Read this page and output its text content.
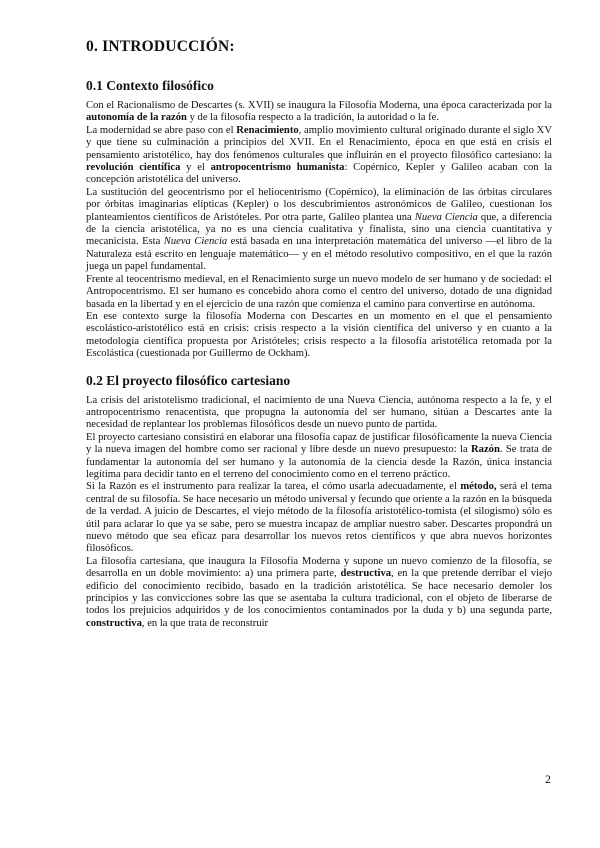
0. INTRODUCCIÓN:
0.1 Contexto filosófico

Con el Racionalismo de Descartes (s. XVII) se inaugura la Filosofía Moderna, una época caracterizada por la autonomía de la razón y de la filosofía respecto a la tradición, la autoridad o la fe.

La modernidad se abre paso con el Renacimiento, amplio movimiento cultural originado durante el siglo XV y que tiene su culminación a principios del XVII. En el Renacimiento, época en que está en crisis el pensamiento aristotélico, hay dos fenómenos culturales que influirán en el proyecto filosófico cartesiano: la revolución científica y el antropocentrismo humanista: Copérnico, Kepler y Galileo acaban con la concepción aristotélica del universo.

La sustitución del geocentrismo por el heliocentrismo (Copérnico), la eliminación de las órbitas circulares por órbitas imaginarias elípticas (Kepler) o los descubrimientos astronómicos de Galileo, cuestionan los planteamientos científicos de Aristóteles. Por otra parte, Galileo plantea una Nueva Ciencia que, a diferencia de la ciencia aristotélica, ya no es una ciencia cualitativa y finalista, sino una ciencia cuantitativa y mecanicista. Esta Nueva Ciencia está basada en una interpretación matemática del universo —el libro de la Naturaleza está escrito en lenguaje matemático— y en el método resolutivo compositivo, en el que la razón juega un papel fundamental.

Frente al teocentrismo medieval, en el Renacimiento surge un nuevo modelo de ser humano y de sociedad: el Antropocentrismo. El ser humano es concebido ahora como el centro del universo, dotado de una dignidad basada en la libertad y en el ejercicio de una razón que comienza el camino para convertirse en autónoma.

En ese contexto surge la filosofía Moderna con Descartes en un momento en el que el pensamiento escolástico-aristotélico está en crisis: crisis respecto a la visión científica del universo y en cuanto a la metodología científica propuesta por Aristóteles; crisis respecto a la filosofía aristotélica retomada por la Escolástica (cuestionada por Guillermo de Ockham).

0.2 El proyecto filosófico cartesiano

La crisis del aristotelismo tradicional, el nacimiento de una Nueva Ciencia, autónoma respecto a la fe, y el antropocentrismo renacentista, que propugna la autonomía del ser humano, sitúan a Descartes ante la necesidad de replantear los problemas filosóficos desde un nuevo punto de partida.

El proyecto cartesiano consistirá en elaborar una filosofía capaz de justificar filosóficamente la nueva Ciencia y la nueva imagen del hombre como ser racional y libre desde un nuevo presupuesto: la Razón. Se trata de fundamentar la autonomía del ser humano y la autonomía de la ciencia desde la Razón, única instancia legítima para decidir tanto en el terreno del conocimiento como en el terreno práctico.

Si la Razón es el instrumento para realizar la tarea, el cómo usarla adecuadamente, el método, será el tema central de su filosofía. Se hace necesario un método universal y fecundo que oriente a la razón en la búsqueda de la verdad. A juicio de Descartes, el viejo método de la filosofía aristotélico-tomista (el silogismo) sólo es útil para aclarar lo que ya se sabe, pero se muestra incapaz de ampliar nuestro saber. Descartes propondrá un nuevo método que sea eficaz para desarrollar los nuevos retos científicos y que abra nuevos horizontes filosóficos.

La filosofía cartesiana, que inaugura la Filosofía Moderna y supone un nuevo comienzo de la filosofía, se desarrolla en un doble movimiento: a) una primera parte, destructiva, en la que pretende derribar el viejo edificio del conocimiento recibido, basado en la tradición aristotélica. Se hace necesario demoler los principios y las convicciones sobre las que se asentaba la cultura tradicional, con el objeto de liberarse de todos los prejuicios adquiridos y de los conocimientos contaminados por la duda y b) una segunda parte, constructiva, en la que trata de reconstruir

2
